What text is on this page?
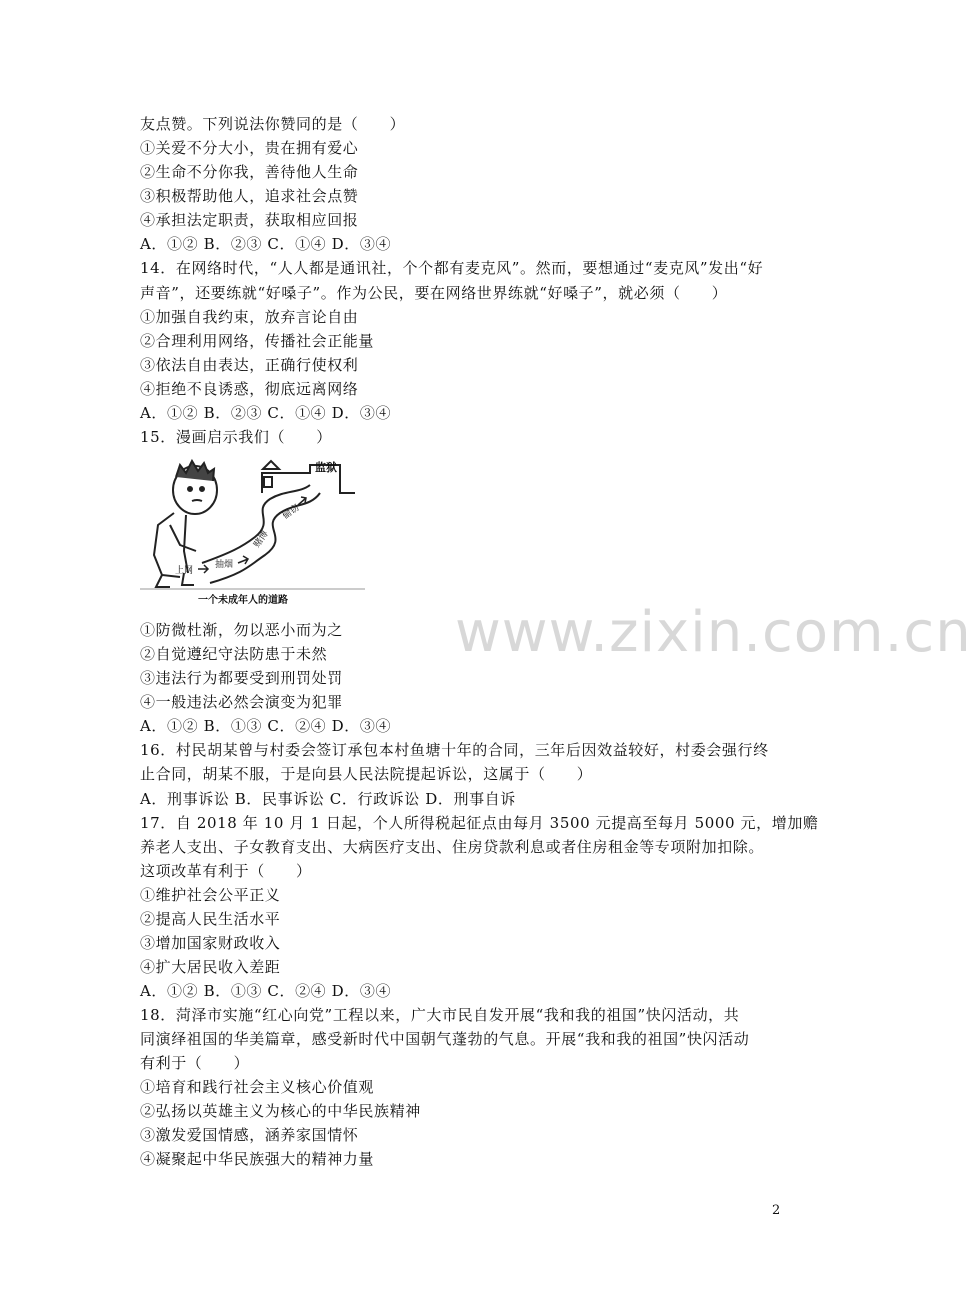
友点赞。下列说法你赞同的是（　　）
①关爱不分大小，贵在拥有爱心
②生命不分你我，善待他人生命
③积极帮助他人，追求社会点赞
④承担法定职责，获取相应回报
A．①② B．②③ C．①④ D．③④
14．在网络时代，“人人都是通讯社，个个都有麦克风”。然而，要想通过“麦克风”发出“好
声音”，还要练就“好嗓子”。作为公民，要在网络世界练就“好嗓子”，就必须（　　）
①加强自我约束，放弃言论自由
②合理利用网络，传播社会正能量
③依法自由表达，正确行使权利
④拒绝不良诱惑，彻底远离网络
A．①② B．②③ C．①④ D．③④
15．漫画启示我们（　　）
监狱
上网
抽烟
赌博
偷窃
一个未成年人的道路
①防微杜渐，勿以恶小而为之
②自觉遵纪守法防患于未然
③违法行为都要受到刑罚处罚
④一般违法必然会演变为犯罪
A．①② B．①③ C．②④ D．③④
16．村民胡某曾与村委会签订承包本村鱼塘十年的合同，三年后因效益较好，村委会强行终
止合同，胡某不服，于是向县人民法院提起诉讼，这属于（　　）
A．刑事诉讼 B．民事诉讼 C．行政诉讼 D．刑事自诉
17．自 2018 年 10 月 1 日起，个人所得税起征点由每月 3500 元提高至每月 5000 元，增加赡
养老人支出、子女教育支出、大病医疗支出、住房贷款利息或者住房租金等专项附加扣除。
这项改革有利于（　　）
①维护社会公平正义
②提高人民生活水平
③增加国家财政收入
④扩大居民收入差距
A．①② B．①③ C．②④ D．③④
18．菏泽市实施“红心向党”工程以来，广大市民自发开展“我和我的祖国”快闪活动，共
同演绎祖国的华美篇章，感受新时代中国朝气蓬勃的气息。开展“我和我的祖国”快闪活动
有利于（　　）
①培育和践行社会主义核心价值观
②弘扬以英雄主义为核心的中华民族精神
③激发爱国情感，涵养家国情怀
④凝聚起中华民族强大的精神力量
www.zixin.com.cn
2
